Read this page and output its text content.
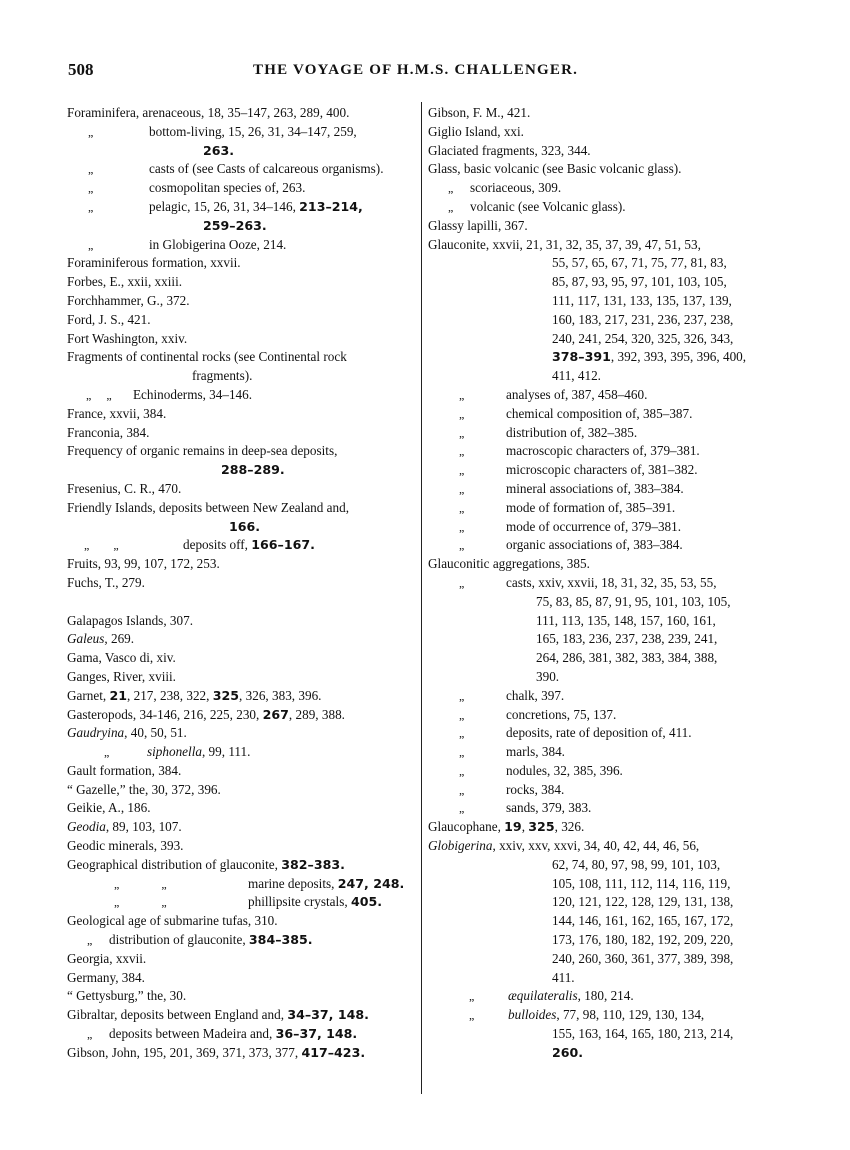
508	THE VOYAGE OF H.M.S. CHALLENGER.
Foraminifera, arenaceous, 18, 35–147, 263, 289, 400.
„	bottom-living, 15, 26, 31, 34–147, 259,
263.
„	casts of (see Casts of calcareous organisms).
„	cosmopolitan species of, 263.
„	pelagic, 15, 26, 31, 34–146, 213–214,
259–263.
„	in Globigerina Ooze, 214.
Foraminiferous formation, xxvii.
Forbes, E., xxii, xxiii.
Forchhammer, G., 372.
Ford, J. S., 421.
Fort Washington, xxiv.
Fragments of continental rocks (see Continental rock
fragments).
„     „ Echinoderms, 34–146.
France, xxvii, 384.
Franconia, 384.
Frequency of organic remains in deep-sea deposits,
288–289.
Fresenius, C. R., 470.
Friendly Islands, deposits between New Zealand and,
166.
„        „	deposits off, 166–167.
Fruits, 93, 99, 107, 172, 253.
Fuchs, T., 279.
Galapagos Islands, 307.
Galeus, 269.
Gama, Vasco di, xiv.
Ganges, River, xviii.
Garnet, 21, 217, 238, 322, 325, 326, 383, 396.
Gasteropods, 34-146, 216, 225, 230, 267, 289, 388.
Gaudryina, 40, 50, 51.
„	siphonella, 99, 111.
Gault formation, 384.
“ Gazelle,” the, 30, 372, 396.
Geikie, A., 186.
Geodia, 89, 103, 107.
Geodic minerals, 393.
Geographical distribution of glauconite, 382–383.
„              „	marine deposits, 247, 248.
„              „	phillipsite crystals, 405.
Geological age of submarine tufas, 310.
„ distribution of glauconite, 384–385.
Georgia, xxvii.
Germany, 384.
“ Gettysburg,” the, 30.
Gibraltar, deposits between England and, 34–37, 148.
„ deposits between Madeira and, 36–37, 148.
Gibson, John, 195, 201, 369, 371, 373, 377, 417–423.
Gibson, F. M., 421.
Giglio Island, xxi.
Glaciated fragments, 323, 344.
Glass, basic volcanic (see Basic volcanic glass).
„ scoriaceous, 309.
„ volcanic (see Volcanic glass).
Glassy lapilli, 367.
Glauconite, xxvii, 21, 31, 32, 35, 37, 39, 47, 51, 53,
55, 57, 65, 67, 71, 75, 77, 81, 83,
85, 87, 93, 95, 97, 101, 103, 105,
111, 117, 131, 133, 135, 137, 139,
160, 183, 217, 231, 236, 237, 238,
240, 241, 254, 320, 325, 326, 343,
378–391, 392, 393, 395, 396, 400,
411, 412.
„	analyses of, 387, 458–460.
„	chemical composition of, 385–387.
„	distribution of, 382–385.
„	macroscopic characters of, 379–381.
„	microscopic characters of, 381–382.
„	mineral associations of, 383–384.
„	mode of formation of, 385–391.
„	mode of occurrence of, 379–381.
„	organic associations of, 383–384.
Glauconitic aggregations, 385.
„	casts, xxiv, xxvii, 18, 31, 32, 35, 53, 55,
75, 83, 85, 87, 91, 95, 101, 103, 105,
111, 113, 135, 148, 157, 160, 161,
165, 183, 236, 237, 238, 239, 241,
264, 286, 381, 382, 383, 384, 388,
390.
„	chalk, 397.
„	concretions, 75, 137.
„	deposits, rate of deposition of, 411.
„	marls, 384.
„	nodules, 32, 385, 396.
„	rocks, 384.
„	sands, 379, 383.
Glaucophane, 19, 325, 326.
Globigerina, xxiv, xxv, xxvi, 34, 40, 42, 44, 46, 56,
62, 74, 80, 97, 98, 99, 101, 103,
105, 108, 111, 112, 114, 116, 119,
120, 121, 122, 128, 129, 131, 138,
144, 146, 161, 162, 165, 167, 172,
173, 176, 180, 182, 192, 209, 220,
240, 260, 360, 361, 377, 389, 398,
411.
„	æquilateralis, 180, 214.
„	bulloides, 77, 98, 110, 129, 130, 134,
155, 163, 164, 165, 180, 213, 214,
260.
